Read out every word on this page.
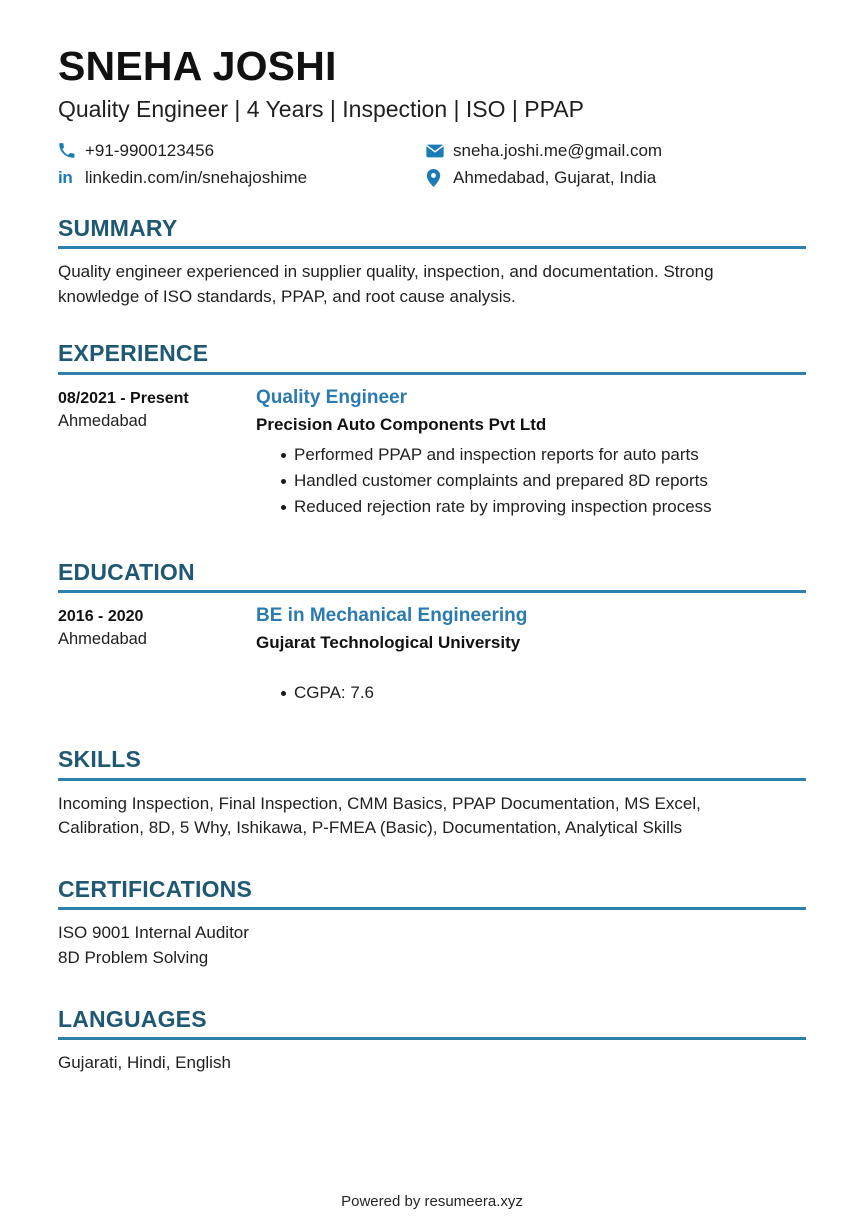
SNEHA JOSHI
Quality Engineer | 4 Years | Inspection | ISO | PPAP
+91-9900123456	sneha.joshi.me@gmail.com
in linkedin.com/in/snehajoshime	Ahmedabad, Gujarat, India
SUMMARY

Quality engineer experienced in supplier quality, inspection, and documentation. Strong knowledge of ISO standards, PPAP, and root cause analysis.

EXPERIENCE
08/2021 - Present
Ahmedabad
Quality Engineer
Precision Auto Components Pvt Ltd
Performed PPAP and inspection reports for auto parts
Handled customer complaints and prepared 8D reports
Reduced rejection rate by improving inspection process
EDUCATION
2016 - 2020
Ahmedabad
BE in Mechanical Engineering
Gujarat Technological University
CGPA: 7.6
SKILLS

Incoming Inspection, Final Inspection, CMM Basics, PPAP Documentation, MS Excel, Calibration, 8D, 5 Why, Ishikawa, P-FMEA (Basic), Documentation, Analytical Skills

CERTIFICATIONS
ISO 9001 Internal Auditor
8D Problem Solving
LANGUAGES
Gujarati, Hindi, English
Powered by resumeera.xyz
